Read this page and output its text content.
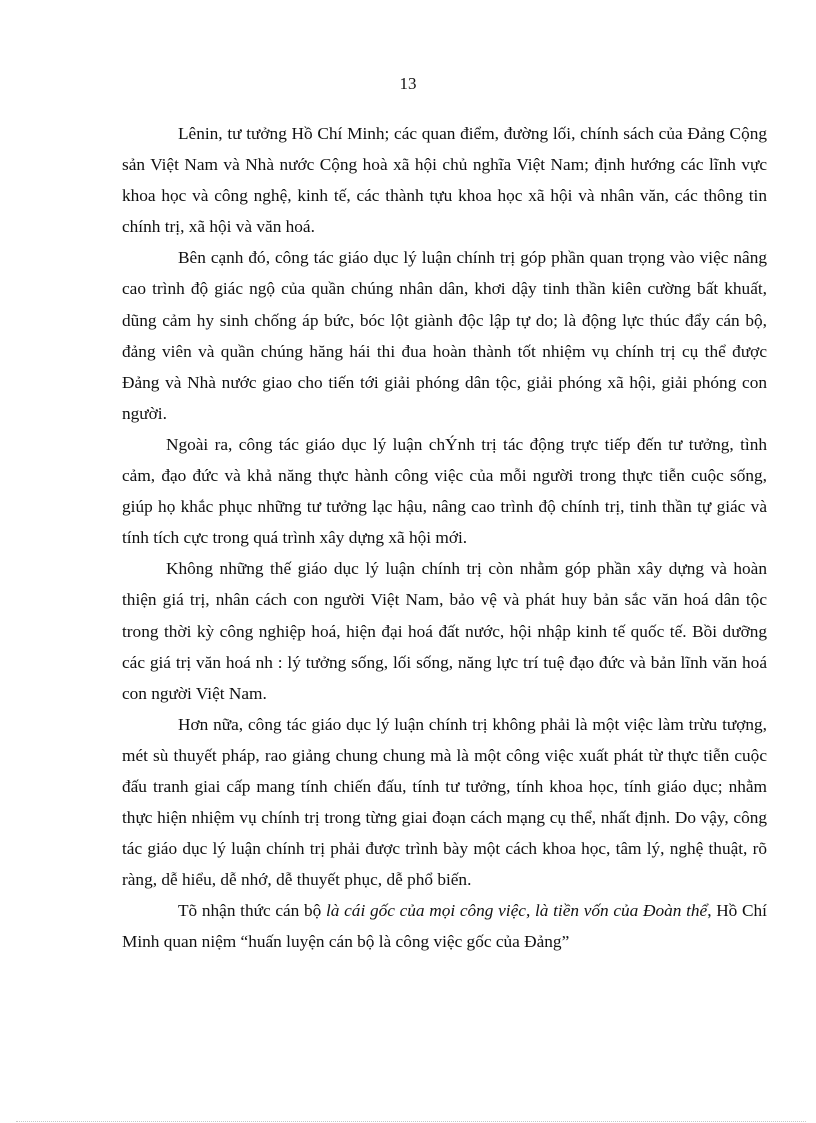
13

Lênin, tư tưởng Hồ Chí Minh; các quan điểm, đường lối, chính sách của Đảng Cộng sản Việt Nam và Nhà nước Cộng hoà xã hội chủ nghĩa Việt Nam; định hướng các lĩnh vực khoa học và công nghệ, kinh tế, các thành tựu khoa học xã hội và nhân văn, các thông tin chính trị, xã hội và văn hoá.

Bên cạnh đó, công tác giáo dục lý luận chính trị góp phần quan trọng vào việc nâng cao trình độ giác ngộ của quần chúng nhân dân, khơi dậy tinh thần kiên cường bất khuất, dũng cảm hy sinh chống áp bức, bóc lột giành độc lập tự do; là động lực thúc đẩy cán bộ, đảng viên và quần chúng hăng hái thi đua hoàn thành tốt nhiệm vụ chính trị cụ thể được Đảng và Nhà nước giao cho tiến tới giải phóng dân tộc, giải phóng xã hội, giải phóng con người.

Ngoài ra, công tác giáo dục lý luận chÝnh trị tác động trực tiếp đến tư tưởng, tình cảm, đạo đức và khả năng thực hành công việc của mỗi người trong thực tiễn cuộc sống, giúp họ khắc phục những tư tưởng lạc hậu, nâng cao trình độ chính trị, tinh thần tự giác và tính tích cực trong quá trình xây dựng xã hội mới.

Không những thế giáo dục lý luận chính trị còn nhằm góp phần xây dựng và hoàn thiện giá trị, nhân cách con người Việt Nam, bảo vệ và phát huy bản sắc văn hoá dân tộc trong thời kỳ công nghiệp hoá, hiện đại hoá đất nước, hội nhập kinh tế quốc tế. Bồi dưỡng các giá trị văn hoá nh : lý tưởng sống, lối sống, năng lực trí tuệ đạo đức và bản lĩnh văn hoá con người Việt Nam.

Hơn nữa, công tác giáo dục lý luận chính trị không phải là một việc làm trừu tượng, mét sù thuyết pháp, rao giảng chung chung mà là một công việc xuất phát từ thực tiễn cuộc đấu tranh giai cấp mang tính chiến đấu, tính tư tưởng, tính khoa học, tính giáo dục; nhằm thực hiện nhiệm vụ chính trị trong từng giai đoạn cách mạng cụ thể, nhất định. Do vậy, công tác giáo dục lý luận chính trị phải được trình bày một cách khoa học, tâm lý, nghệ thuật, rõ ràng, dễ hiểu, dễ nhớ, dễ thuyết phục, dễ phổ biến.

Tõ nhận thức cán bộ là cái gốc của mọi công việc, là tiền vốn của Đoàn thể, Hồ Chí Minh quan niệm “huấn luyện cán bộ là công việc gốc của Đảng”
